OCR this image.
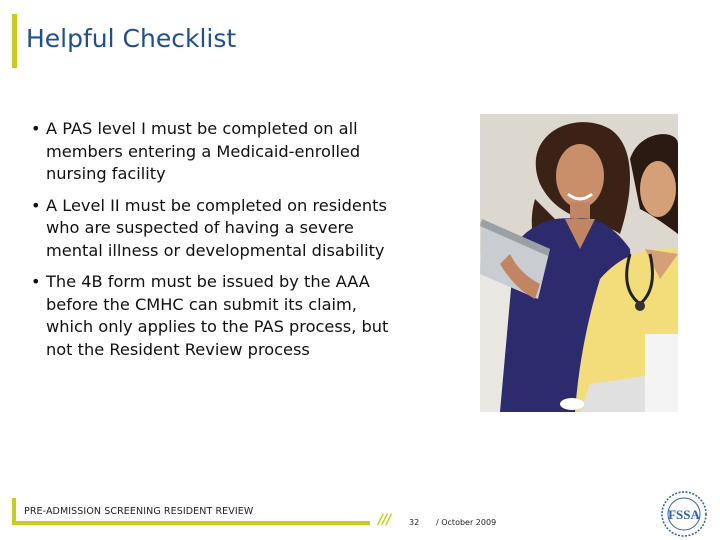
Helpful Checklist
• A PAS level I must be completed on all members entering a Medicaid-enrolled nursing facility
• A Level II must be completed on residents who are suspected of having a severe mental illness or developmental disability
• The 4B form must be issued by the AAA before the CMHC can submit its claim, which only applies to the PAS process, but not the Resident Review process
PRE-ADMISSION SCREENING RESIDENT REVIEW
/// 32 / October 2009
FSSA
